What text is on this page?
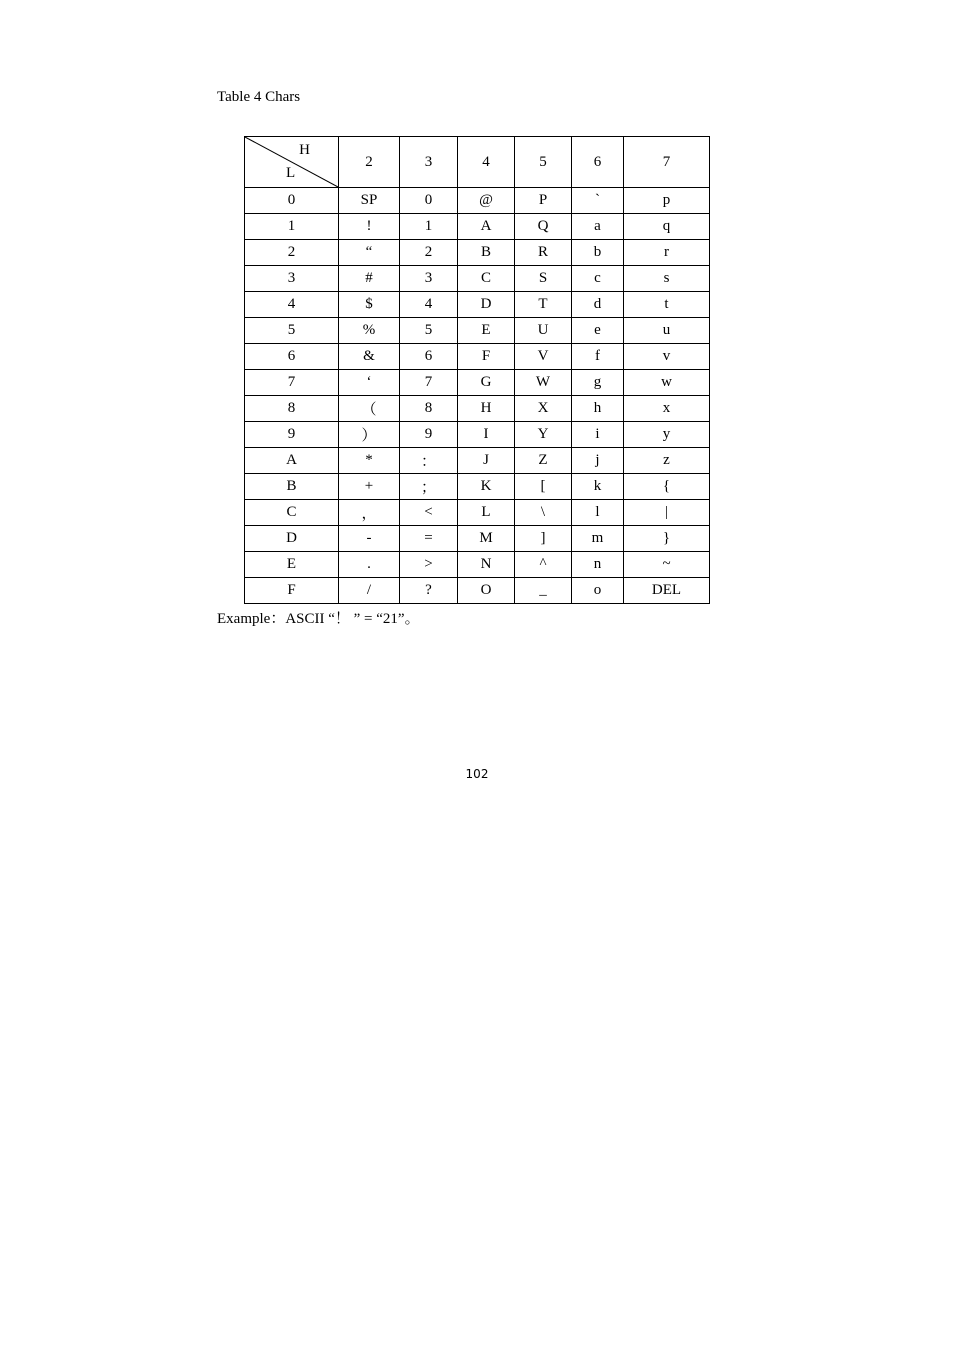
Table 4 Chars
H
L	2	3	4	5	6	7
0	SP	0	@	P	`	p
1	!	1	A	Q	a	q
2	“	2	B	R	b	r
3	#	3	C	S	c	s
4	$	4	D	T	d	t
5	%	5	E	U	e	u
6	&	6	F	V	f	v
7	‘	7	G	W	g	w
8	（	8	H	X	h	x
9	）	9	I	Y	i	y
A	*	：	J	Z	j	z
B	+	；	K	[	k	{
C	，	<	L	\	l	|
D	-	=	M	]	m	}
E	.	>	N	^	n	~
F	/	?	O	_	o	DEL
Example：ASCII “！ ” = “21”。
102
